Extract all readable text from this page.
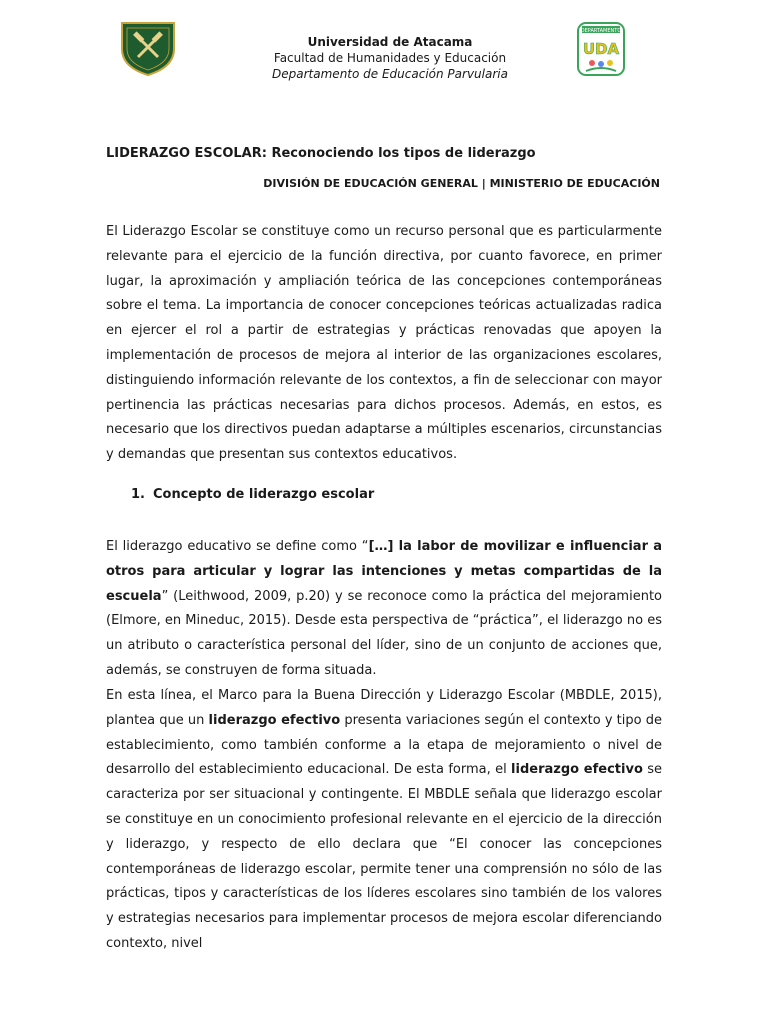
Universidad de Atacama
Facultad de Humanidades y Educación
Departamento de Educación Parvularia
DEPARTAMENTO
UDA
LIDERAZGO ESCOLAR: Reconociendo los tipos de liderazgo
DIVISIÓN DE EDUCACIÓN GENERAL | MINISTERIO DE EDUCACIÓN
El Liderazgo Escolar se constituye como un recurso personal que es particularmente relevante para el ejercicio de la función directiva, por cuanto favorece, en primer lugar, la aproximación y ampliación teórica de las concepciones contemporáneas sobre el tema. La importancia de conocer concepciones teóricas actualizadas radica en ejercer el rol a partir de estrategias y prácticas renovadas que apoyen la implementación de procesos de mejora al interior de las organizaciones escolares, distinguiendo información relevante de los contextos, a fin de seleccionar con mayor pertinencia las prácticas necesarias para dichos procesos. Además, en estos, es necesario que los directivos puedan adaptarse a múltiples escenarios, circunstancias y demandas que presentan sus contextos educativos.
1. Concepto de liderazgo escolar
El liderazgo educativo se define como “[…] la labor de movilizar e influenciar a otros para articular y lograr las intenciones y metas compartidas de la escuela” (Leithwood, 2009, p.20) y se reconoce como la práctica del mejoramiento (Elmore, en Mineduc, 2015). Desde esta perspectiva de “práctica”, el liderazgo no es un atributo o característica personal del líder, sino de un conjunto de acciones que, además, se construyen de forma situada.
En esta línea, el Marco para la Buena Dirección y Liderazgo Escolar (MBDLE, 2015), plantea que un liderazgo efectivo presenta variaciones según el contexto y tipo de establecimiento, como también conforme a la etapa de mejoramiento o nivel de desarrollo del establecimiento educacional. De esta forma, el liderazgo efectivo se caracteriza por ser situacional y contingente. El MBDLE señala que liderazgo escolar se constituye en un conocimiento profesional relevante en el ejercicio de la dirección y liderazgo, y respecto de ello declara que “El conocer las concepciones contemporáneas de liderazgo escolar, permite tener una comprensión no sólo de las prácticas, tipos y características de los líderes escolares sino también de los valores y estrategias necesarios para implementar procesos de mejora escolar diferenciando contexto, nivel
